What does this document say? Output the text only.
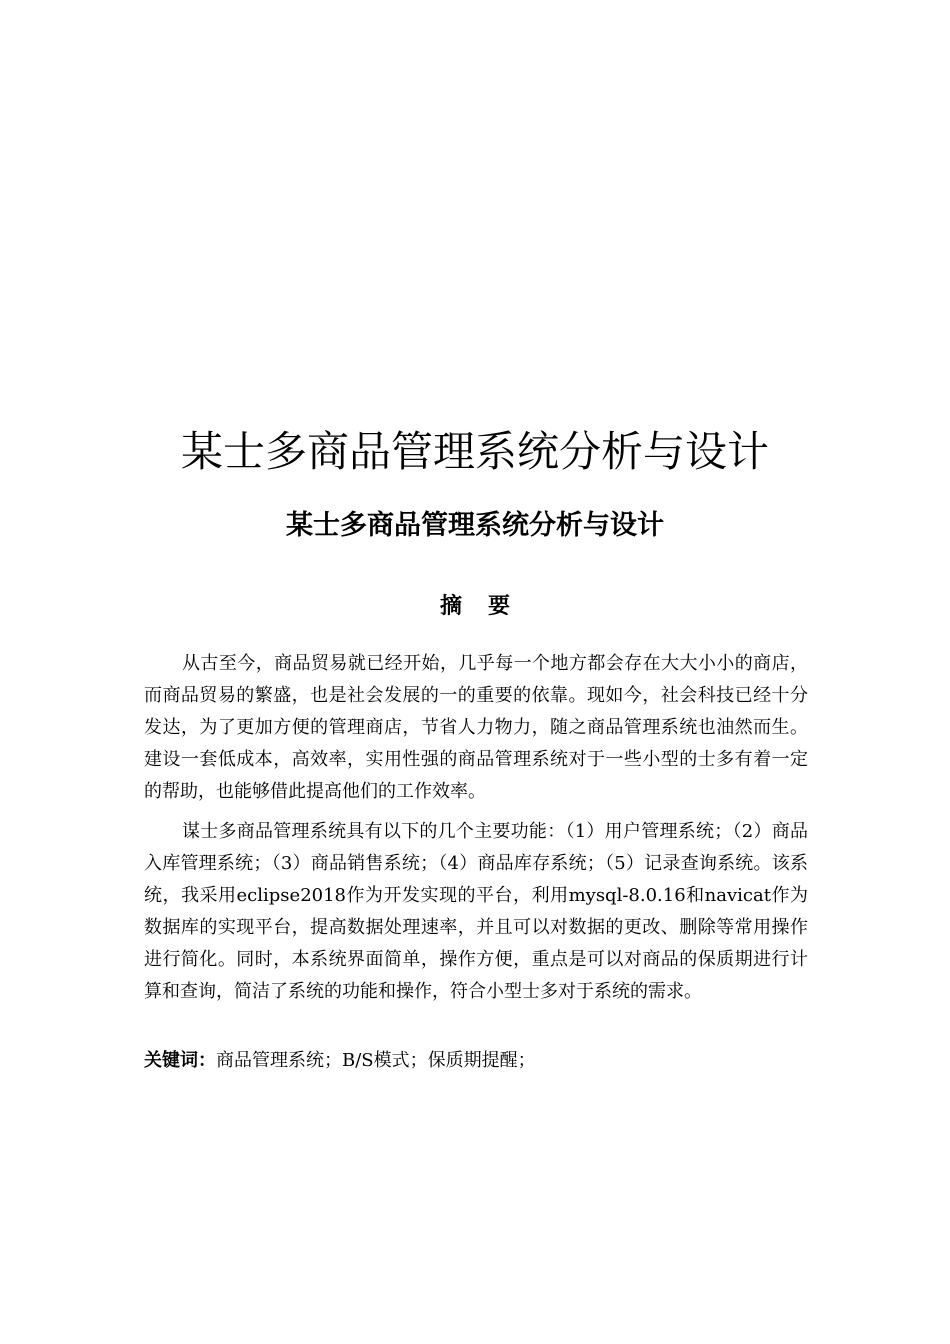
某士多商品管理系统分析与设计
某士多商品管理系统分析与设计
摘要

从古至今，商品贸易就已经开始，几乎每一个地方都会存在大大小小的商店，而商品贸易的繁盛，也是社会发展的一的重要的依靠。现如今，社会科技已经十分发达，为了更加方便的管理商店，节省人力物力，随之商品管理系统也油然而生。建设一套低成本，高效率，实用性强的商品管理系统对于一些小型的士多有着一定的帮助，也能够借此提高他们的工作效率。

谋士多商品管理系统具有以下的几个主要功能：（1）用户管理系统；（2）商品入库管理系统；（3）商品销售系统；（4）商品库存系统；（5）记录查询系统。该系统，我采用eclipse2018作为开发实现的平台，利用mysql-8.0.16和navicat作为数据库的实现平台，提高数据处理速率，并且可以对数据的更改、删除等常用操作进行简化。同时，本系统界面简单，操作方便，重点是可以对商品的保质期进行计算和查询，简洁了系统的功能和操作，符合小型士多对于系统的需求。

关键词：商品管理系统；B/S模式；保质期提醒；
